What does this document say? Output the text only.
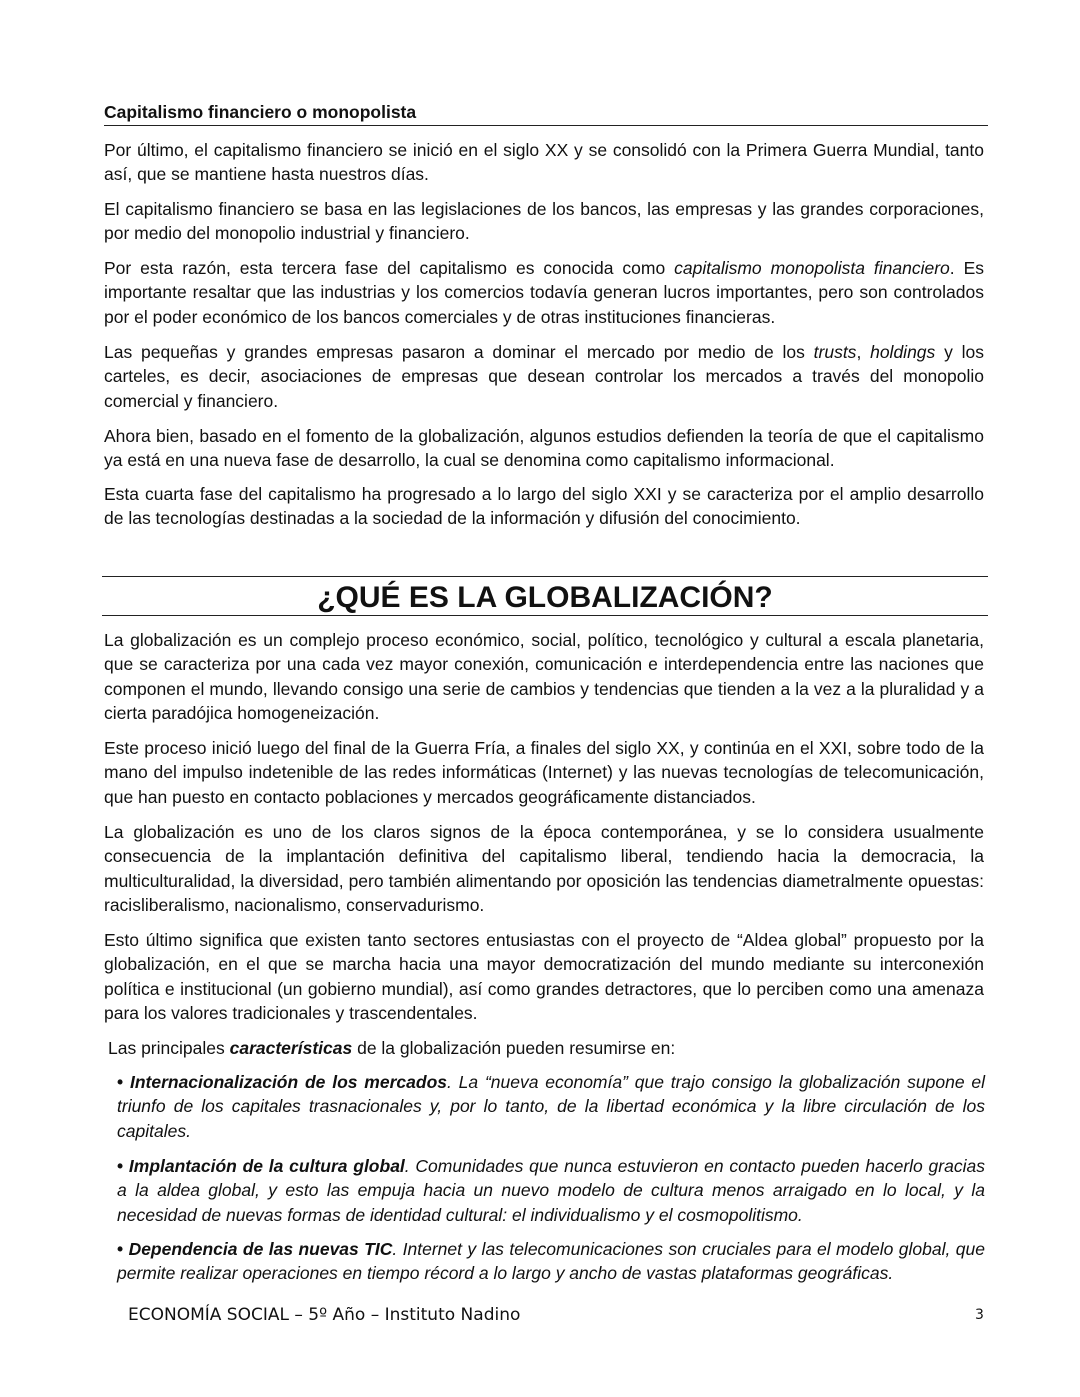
Capitalismo financiero o monopolista

Por último, el capitalismo financiero se inició en el siglo XX y se consolidó con la Primera Guerra Mundial, tanto así, que se mantiene hasta nuestros días.

El capitalismo financiero se basa en las legislaciones de los bancos, las empresas y las grandes corporaciones, por medio del monopolio industrial y financiero.

Por esta razón, esta tercera fase del capitalismo es conocida como capitalismo monopolista financiero. Es importante resaltar que las industrias y los comercios todavía generan lucros importantes, pero son controlados por el poder económico de los bancos comerciales y de otras instituciones financieras.

Las pequeñas y grandes empresas pasaron a dominar el mercado por medio de los trusts, holdings y los carteles, es decir, asociaciones de empresas que desean controlar los mercados a través del monopolio comercial y financiero.

Ahora bien, basado en el fomento de la globalización, algunos estudios defienden la teoría de que el capitalismo ya está en una nueva fase de desarrollo, la cual se denomina como capitalismo informacional.

Esta cuarta fase del capitalismo ha progresado a lo largo del siglo XXI y se caracteriza por el amplio desarrollo de las tecnologías destinadas a la sociedad de la información y difusión del conocimiento.

¿QUÉ ES LA GLOBALIZACIÓN?

La globalización es un complejo proceso económico, social, político, tecnológico y cultural a escala planetaria, que se caracteriza por una cada vez mayor conexión, comunicación e interdependencia entre las naciones que componen el mundo, llevando consigo una serie de cambios y tendencias que tienden a la vez a la pluralidad y a cierta paradójica homogeneización.

Este proceso inició luego del final de la Guerra Fría, a finales del siglo XX, y continúa en el XXI, sobre todo de la mano del impulso indetenible de las redes informáticas (Internet) y las nuevas tecnologías de telecomunicación, que han puesto en contacto poblaciones y mercados geográficamente distanciados.

La globalización es uno de los claros signos de la época contemporánea, y se lo considera usualmente consecuencia de la implantación definitiva del capitalismo liberal, tendiendo hacia la democracia, la multiculturalidad, la diversidad, pero también alimentando por oposición las tendencias diametralmente opuestas: racisliberalismo, nacionalismo, conservadurismo.

Esto último significa que existen tanto sectores entusiastas con el proyecto de “Aldea global” propuesto por la globalización, en el que se marcha hacia una mayor democratización del mundo mediante su interconexión política e institucional (un gobierno mundial), así como grandes detractores, que lo perciben como una amenaza para los valores tradicionales y trascendentales.

Las principales características de la globalización pueden resumirse en:

• Internacionalización de los mercados. La “nueva economía” que trajo consigo la globalización supone el triunfo de los capitales trasnacionales y, por lo tanto, de la libertad económica y la libre circulación de los capitales.

• Implantación de la cultura global. Comunidades que nunca estuvieron en contacto pueden hacerlo gracias a la aldea global, y esto las empuja hacia un nuevo modelo de cultura menos arraigado en lo local, y la necesidad de nuevas formas de identidad cultural: el individualismo y el cosmopolitismo.

• Dependencia de las nuevas TIC. Internet y las telecomunicaciones son cruciales para el modelo global, que permite realizar operaciones en tiempo récord a lo largo y ancho de vastas plataformas geográficas.

ECONOMÍA SOCIAL – 5º Año – Instituto Nadino	3
